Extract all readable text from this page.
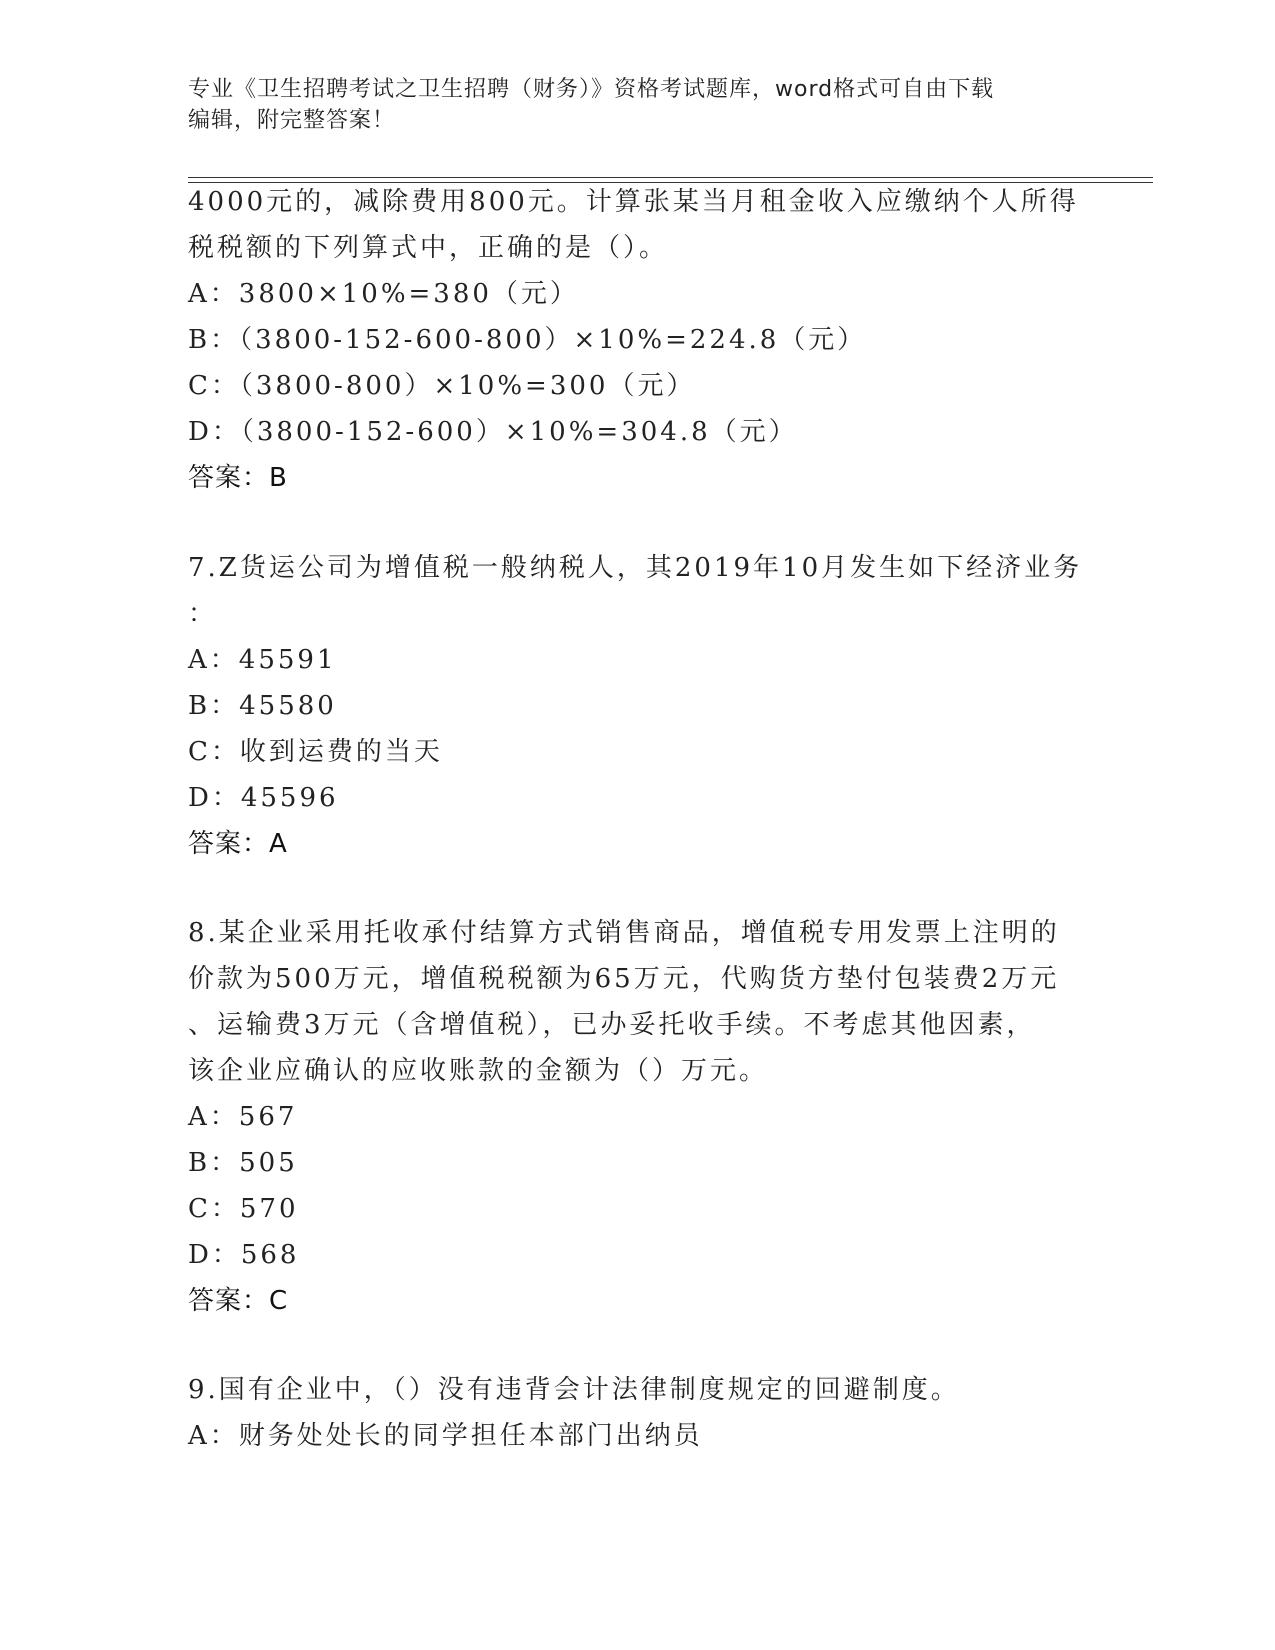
专业《卫生招聘考试之卫生招聘（财务）》资格考试题库，word格式可自由下载
编辑，附完整答案！
4000元的，减除费用800元。计算张某当月租金收入应缴纳个人所得
税税额的下列算式中，正确的是（）。
A：3800×10%=380（元）
B：（3800-152-600-800）×10%=224.8（元）
C：（3800-800）×10%=300（元）
D：（3800-152-600）×10%=304.8（元）
答案：B
7.Z货运公司为增值税一般纳税人，其2019年10月发生如下经济业务
：
A：45591
B：45580
C：收到运费的当天
D：45596
答案：A
8.某企业采用托收承付结算方式销售商品，增值税专用发票上注明的
价款为500万元，增值税税额为65万元，代购货方垫付包装费2万元
、运输费3万元（含增值税），已办妥托收手续。不考虑其他因素，
该企业应确认的应收账款的金额为（）万元。
A：567
B：505
C：570
D：568
答案：C
9.国有企业中，（）没有违背会计法律制度规定的回避制度。
A：财务处处长的同学担任本部门出纳员
